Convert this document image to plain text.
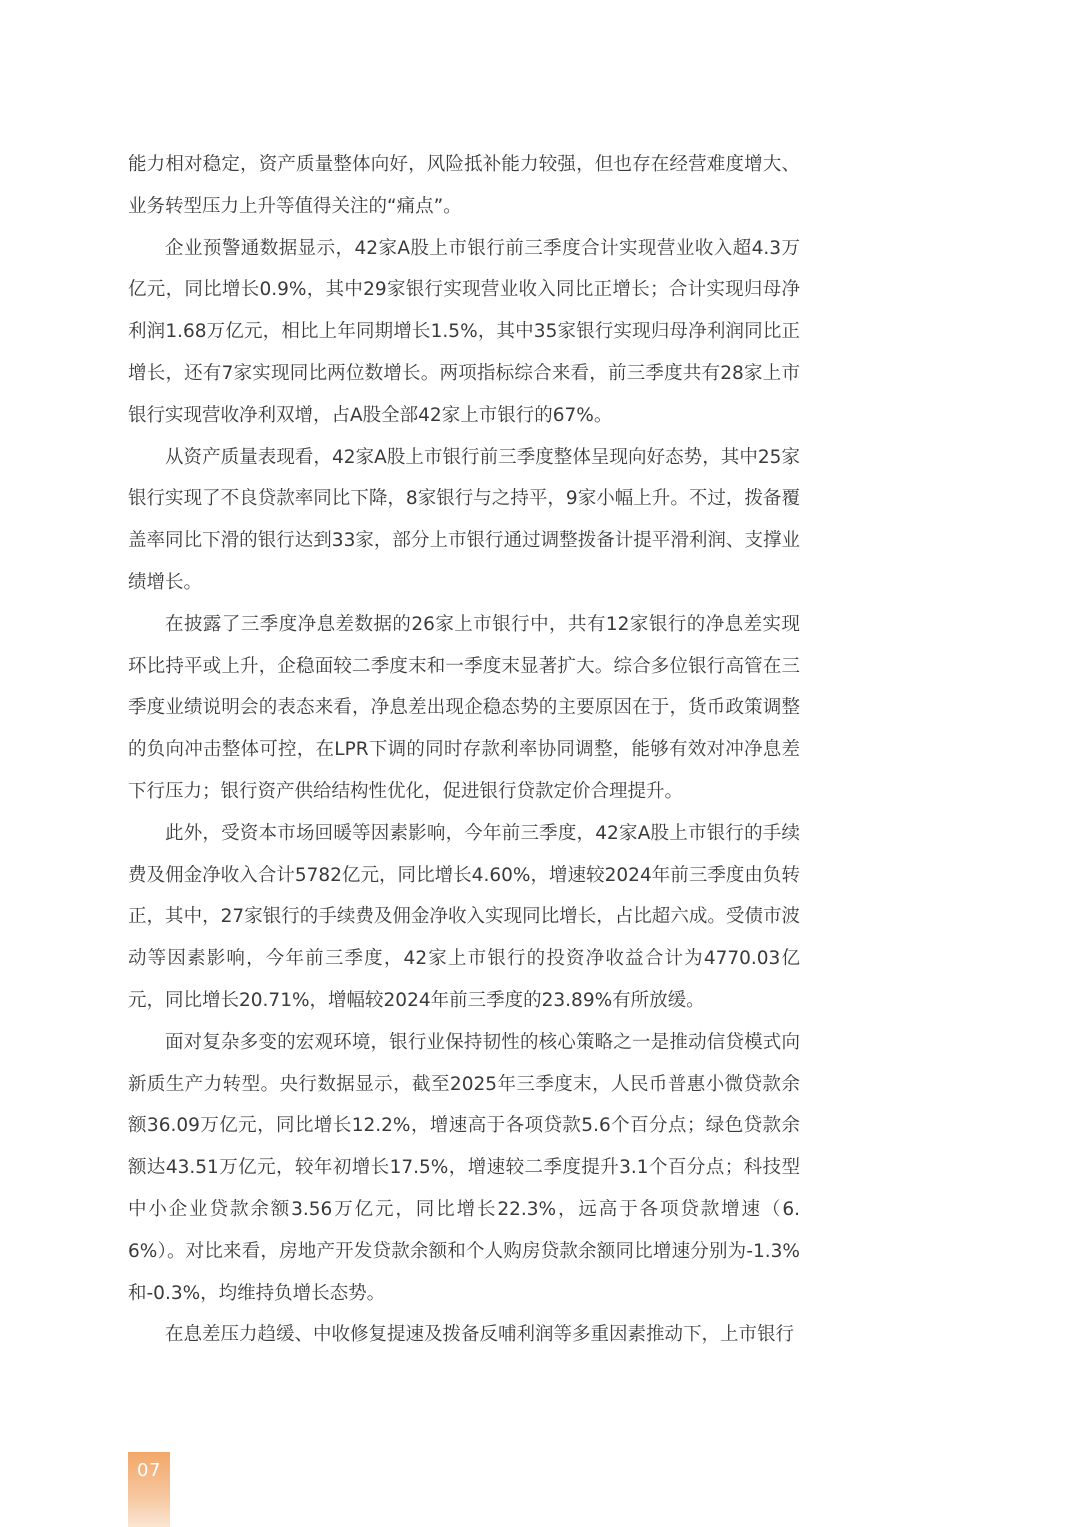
能力相对稳定，资产质量整体向好，风险抵补能力较强，但也存在经营难度增大、业务转型压力上升等值得关注的“痛点”。

企业预警通数据显示，42家A股上市银行前三季度合计实现营业收入超4.3万亿元，同比增长0.9%，其中29家银行实现营业收入同比正增长；合计实现归母净利润1.68万亿元，相比上年同期增长1.5%，其中35家银行实现归母净利润同比正增长，还有7家实现同比两位数增长。两项指标综合来看，前三季度共有28家上市银行实现营收净利双增，占A股全部42家上市银行的67%。

从资产质量表现看，42家A股上市银行前三季度整体呈现向好态势，其中25家银行实现了不良贷款率同比下降，8家银行与之持平，9家小幅上升。不过，拨备覆盖率同比下滑的银行达到33家，部分上市银行通过调整拨备计提平滑利润、支撑业绩增长。

在披露了三季度净息差数据的26家上市银行中，共有12家银行的净息差实现环比持平或上升，企稳面较二季度末和一季度末显著扩大。综合多位银行高管在三季度业绩说明会的表态来看，净息差出现企稳态势的主要原因在于，货币政策调整的负向冲击整体可控，在LPR下调的同时存款利率协同调整，能够有效对冲净息差下行压力；银行资产供给结构性优化，促进银行贷款定价合理提升。

此外，受资本市场回暖等因素影响，今年前三季度，42家A股上市银行的手续费及佣金净收入合计5782亿元，同比增长4.60%，增速较2024年前三季度由负转正，其中，27家银行的手续费及佣金净收入实现同比增长，占比超六成。受债市波动等因素影响，今年前三季度，42家上市银行的投资净收益合计为4770.03亿元，同比增长20.71%，增幅较2024年前三季度的23.89%有所放缓。

面对复杂多变的宏观环境，银行业保持韧性的核心策略之一是推动信贷模式向新质生产力转型。央行数据显示，截至2025年三季度末，人民币普惠小微贷款余额36.09万亿元，同比增长12.2%，增速高于各项贷款5.6个百分点；绿色贷款余额达43.51万亿元，较年初增长17.5%，增速较二季度提升3.1个百分点；科技型中小企业贷款余额3.56万亿元，同比增长22.3%，远高于各项贷款增速（6.6%）。对比来看，房地产开发贷款余额和个人购房贷款余额同比增速分别为-1.3%和-0.3%，均维持负增长态势。

在息差压力趋缓、中收修复提速及拨备反哺利润等多重因素推动下，上市银行

07
